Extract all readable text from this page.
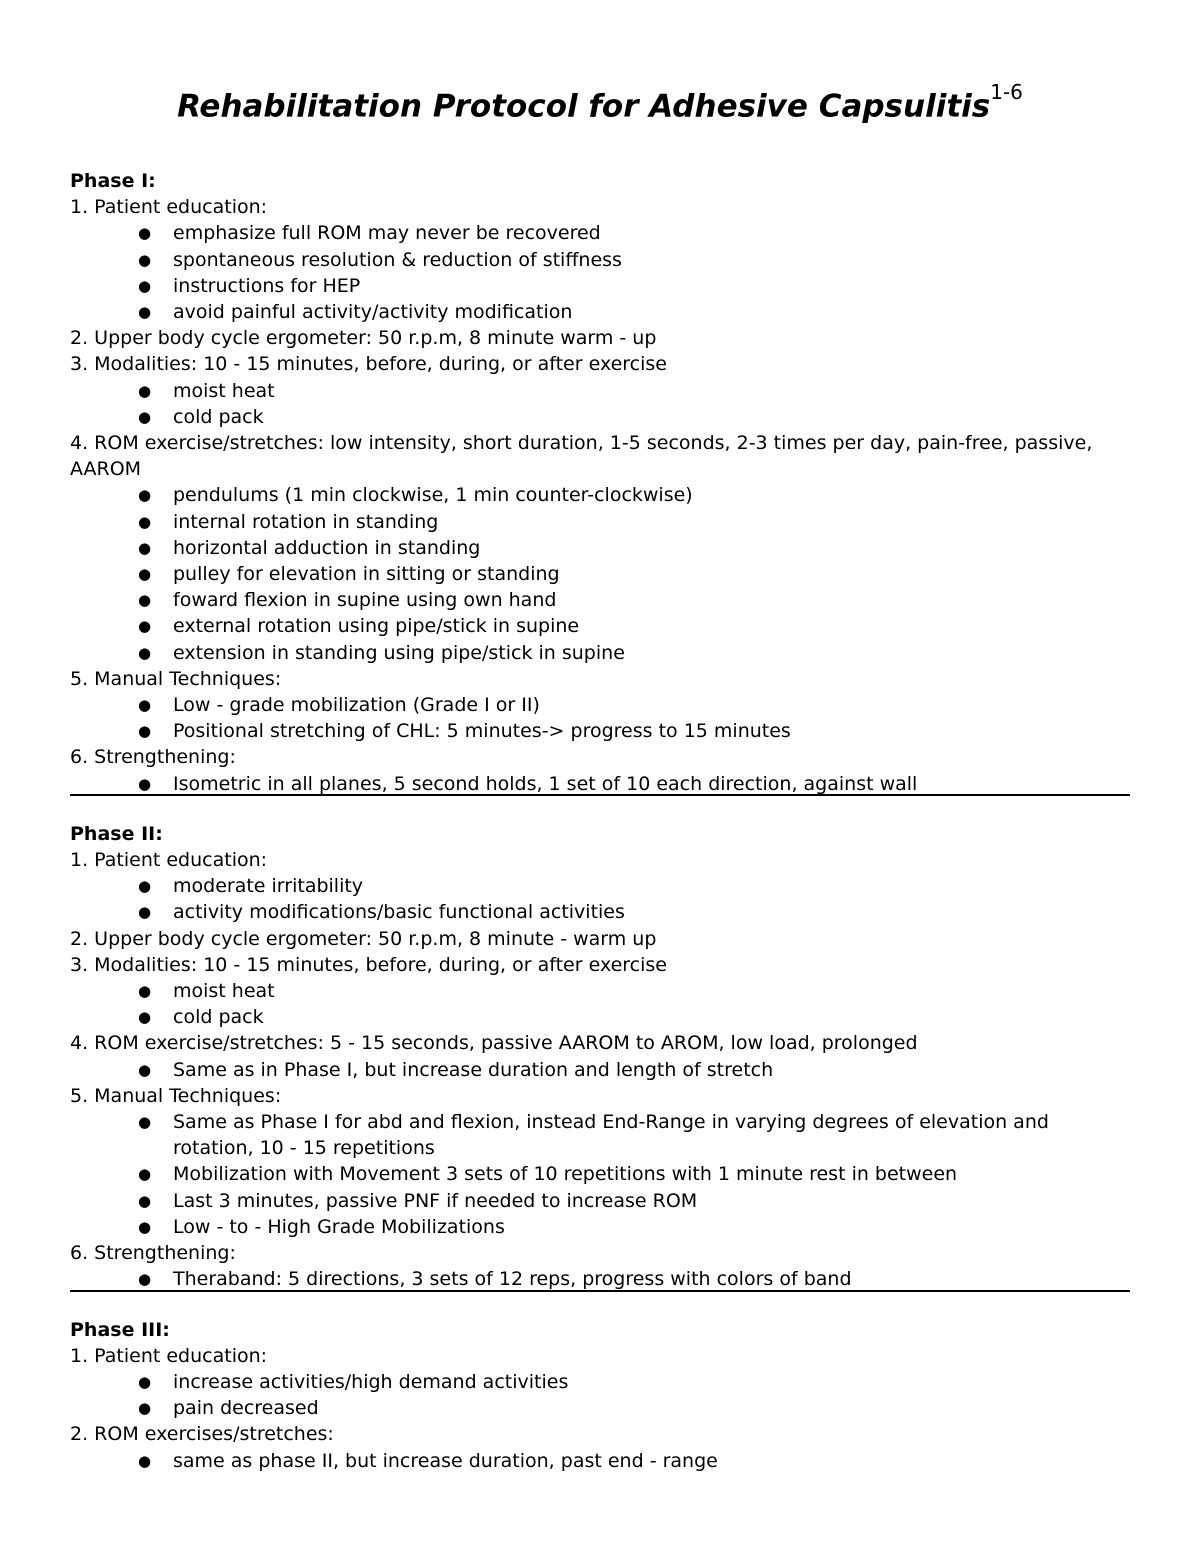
Rehabilitation Protocol for Adhesive Capsulitis$^{1-6}$
Phase I:
1. Patient education:
● emphasize full ROM may never be recovered
● spontaneous resolution & reduction of stiffness
● instructions for HEP
● avoid painful activity/activity modification
2. Upper body cycle ergometer: 50 r.p.m, 8 minute warm - up
3. Modalities: 10 - 15 minutes, before, during, or after exercise
● moist heat
● cold pack
4. ROM exercise/stretches: low intensity, short duration, 1-5 seconds, 2-3 times per day, pain-free, passive, AAROM
● pendulums (1 min clockwise, 1 min counter-clockwise)
● internal rotation in standing
● horizontal adduction in standing
● pulley for elevation in sitting or standing
● foward flexion in supine using own hand
● external rotation using pipe/stick in supine
● extension in standing using pipe/stick in supine
5. Manual Techniques:
● Low - grade mobilization (Grade I or II)
● Positional stretching of CHL: 5 minutes-> progress to 15 minutes
6. Strengthening:
● Isometric in all planes, 5 second holds, 1 set of 10 each direction, against wall
Phase II:
1. Patient education:
● moderate irritability
● activity modifications/basic functional activities
2. Upper body cycle ergometer: 50 r.p.m, 8 minute - warm up
3. Modalities: 10 - 15 minutes, before, during, or after exercise
● moist heat
● cold pack
4. ROM exercise/stretches: 5 - 15 seconds, passive AAROM to AROM, low load, prolonged
● Same as in Phase I, but increase duration and length of stretch
5. Manual Techniques:
● Same as Phase I for abd and flexion, instead End-Range in varying degrees of elevation and rotation, 10 - 15 repetitions
● Mobilization with Movement 3 sets of 10 repetitions with 1 minute rest in between
● Last 3 minutes, passive PNF if needed to increase ROM
● Low - to - High Grade Mobilizations
6. Strengthening:
● Theraband: 5 directions, 3 sets of 12 reps, progress with colors of band
Phase III:
1. Patient education:
● increase activities/high demand activities
● pain decreased
2. ROM exercises/stretches:
● same as phase II, but increase duration, past end - range
